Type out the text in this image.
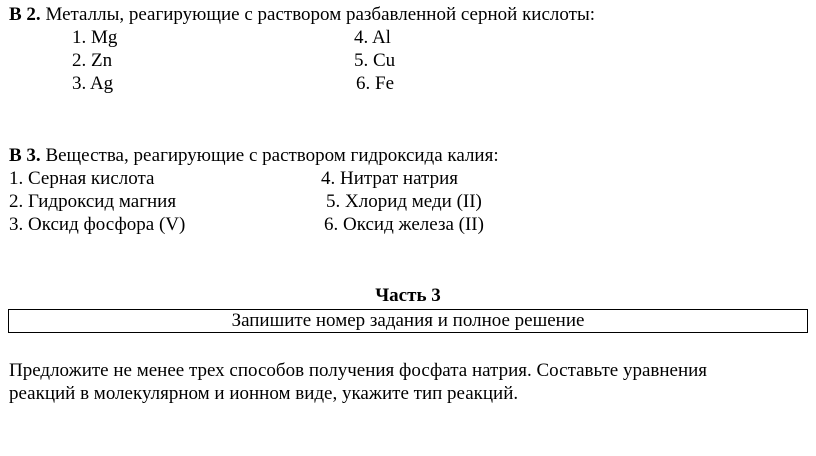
В 2. Металлы, реагирующие с раствором разбавленной серной кислоты:
1. Mg
2. Zn
3. Ag
4. Al
5. Cu
6. Fe
В 3. Вещества, реагирующие с раствором гидроксида калия:
1. Серная кислота
2. Гидроксид магния
3. Оксид фосфора (V)
4. Нитрат натрия
5. Хлорид меди (II)
6. Оксид железа (II)
Часть 3
Запишите номер задания и полное решение
Предложите не менее трех способов получения фосфата натрия. Составьте уравнения
реакций в молекулярном и ионном виде, укажите тип реакций.
